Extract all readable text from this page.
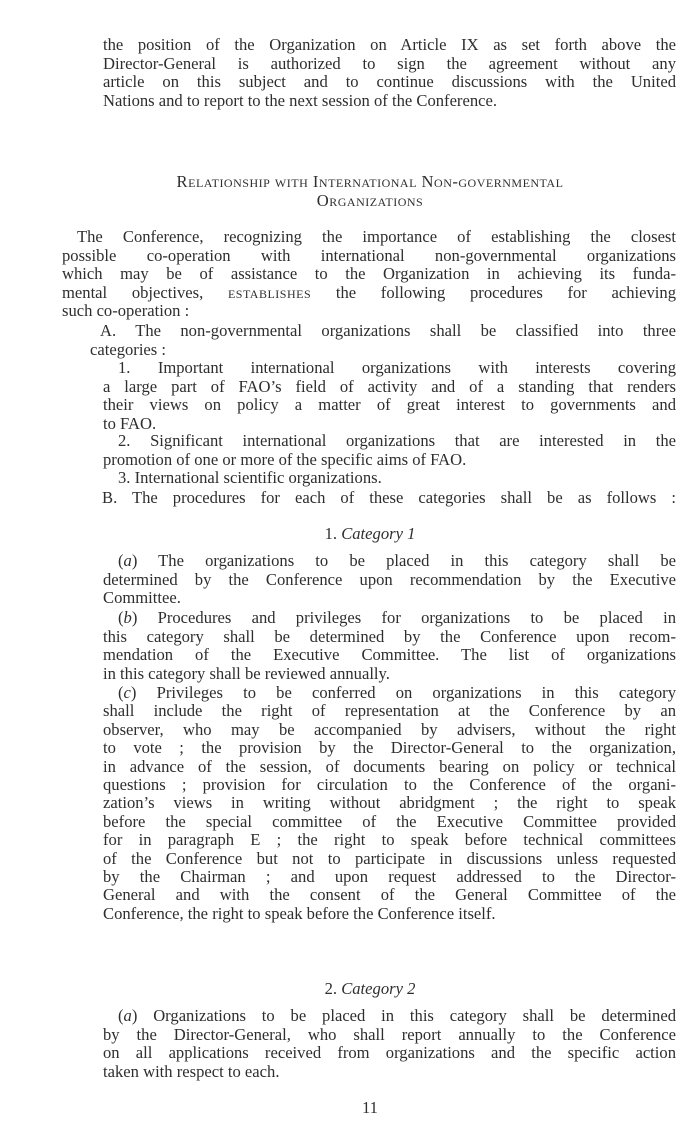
the position of the Organization on Article IX as set forth above the
Director-General is authorized to sign the agreement without any
article on this subject and to continue discussions with the United
Nations and to report to the next session of the Conference.
Relationship with International Non-governmental
Organizations
The Conference, recognizing the importance of establishing the closest
possible co-operation with international non-governmental organizations
which may be of assistance to the Organization in achieving its funda-
mental objectives, establishes the following procedures for achieving
such co-operation :
A. The non-governmental organizations shall be classified into three
categories :
1. Important international organizations with interests covering
a large part of FAO’s field of activity and of a standing that renders
their views on policy a matter of great interest to governments and
to FAO.
2. Significant international organizations that are interested in the
promotion of one or more of the specific aims of FAO.
3. International scientific organizations.
B. The procedures for each of these categories shall be as follows :
1. Category 1
(a) The organizations to be placed in this category shall be
determined by the Conference upon recommendation by the Executive
Committee.
(b) Procedures and privileges for organizations to be placed in
this category shall be determined by the Conference upon recom-
mendation of the Executive Committee. The list of organizations
in this category shall be reviewed annually.
(c) Privileges to be conferred on organizations in this category
shall include the right of representation at the Conference by an
observer, who may be accompanied by advisers, without the right
to vote ; the provision by the Director-General to the organization,
in advance of the session, of documents bearing on policy or technical
questions ; provision for circulation to the Conference of the organi-
zation’s views in writing without abridgment ; the right to speak
before the special committee of the Executive Committee provided
for in paragraph E ; the right to speak before technical committees
of the Conference but not to participate in discussions unless requested
by the Chairman ; and upon request addressed to the Director-
General and with the consent of the General Committee of the
Conference, the right to speak before the Conference itself.
2. Category 2
(a) Organizations to be placed in this category shall be determined
by the Director-General, who shall report annually to the Conference
on all applications received from organizations and the specific action
taken with respect to each.
11
